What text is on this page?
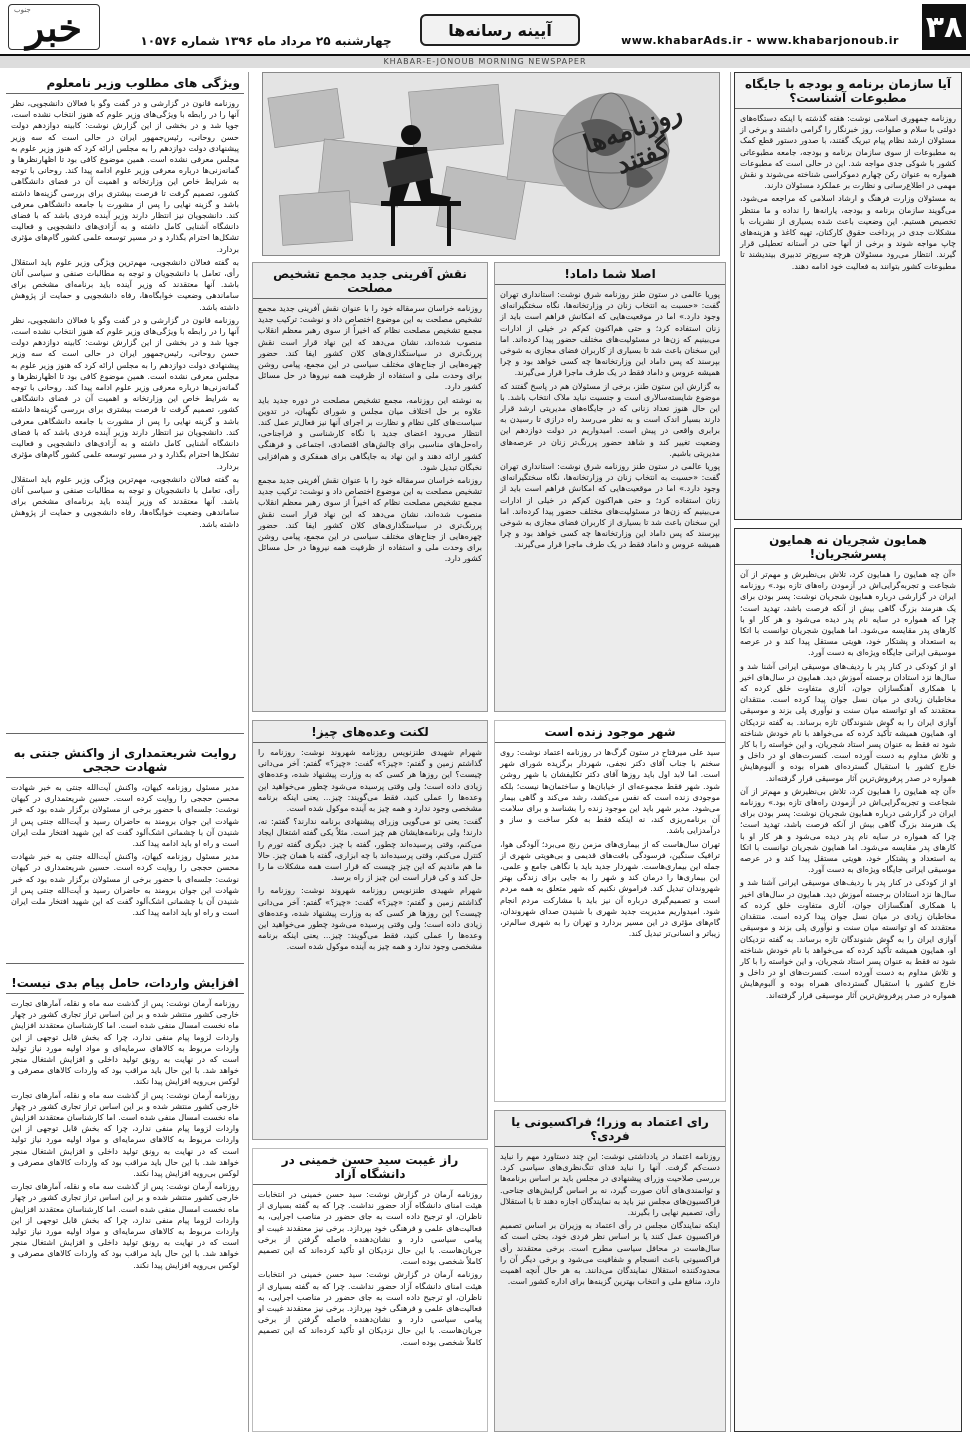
خبر
جنوب
چهارشنبه ۲۵ مرداد ماه ۱۳۹۶ شماره ۱۰۵۷۶
آیینه رسانه‌ها
www.khabarAds.ir - www.khabarjonoub.ir ۳۸
KHABAR-E-JONOUB MORNING NEWSPAPER
روزنامه‌ها گفتند
آیا سازمان برنامه و بودجه با جایگاه مطبوعات آشناست؟

روزنامه جمهوری اسلامی نوشت: هفته گذشته با اینکه دستگاه‌های دولتی با سلام و صلوات، روز خبرنگار را گرامی داشتند و برخی از مسئولان ارشد نظام پیام تبریک گفتند، با صدور دستور قطع کمک به مطبوعات از سوی سازمان برنامه و بودجه، جامعه مطبوعاتی کشور با شوکی جدی مواجه شد. این در حالی است که مطبوعات همواره به عنوان رکن چهارم دموکراسی شناخته می‌شوند و نقش مهمی در اطلاع‌رسانی و نظارت بر عملکرد مسئولان دارند.

به مسئولان وزارت فرهنگ و ارشاد اسلامی که مراجعه می‌شود، می‌گویند سازمان برنامه و بودجه، یارانه‌ها را نداده و ما منتظر تخصیص هستیم. این وضعیت باعث شده بسیاری از نشریات با مشکلات جدی در پرداخت حقوق کارکنان، تهیه کاغذ و هزینه‌های چاپ مواجه شوند و برخی از آنها حتی در آستانه تعطیلی قرار گیرند. انتظار می‌رود مسئولان هرچه سریع‌تر تدبیری بیندیشند تا مطبوعات کشور بتوانند به فعالیت خود ادامه دهند.

همایون شجریان نه همایون پسرشجریان!

«آن چه همایون را همایون کرد، تلاش بی‌نظیرش و مهم‌تر از آن شجاعت و تجربه‌گرایی‌اش در آزمودن راه‌های تازه بود.» روزنامه ایران در گزارشی درباره همایون شجریان نوشت: پسر بودن برای یک هنرمند بزرگ گاهی بیش از آنکه فرصت باشد، تهدید است؛ چرا که همواره در سایه نام پدر دیده می‌شود و هر کار او با کارهای پدر مقایسه می‌شود. اما همایون شجریان توانست با اتکا به استعداد و پشتکار خود، هویتی مستقل پیدا کند و در عرصه موسیقی ایرانی جایگاه ویژه‌ای به دست آورد.

او از کودکی در کنار پدر با ردیف‌های موسیقی ایرانی آشنا شد و سال‌ها نزد استادان برجسته آموزش دید. همایون در سال‌های اخیر با همکاری آهنگسازان جوان، آثاری متفاوت خلق کرده که مخاطبان زیادی در میان نسل جوان پیدا کرده است. منتقدان معتقدند که او توانسته میان سنت و نوآوری پلی بزند و موسیقی آوازی ایران را به گوش شنوندگان تازه برساند. به گفته نزدیکان او، همایون همیشه تأکید کرده که می‌خواهد با نام خودش شناخته شود نه فقط به عنوان پسر استاد شجریان، و این خواسته را با کار و تلاش مداوم به دست آورده است. کنسرت‌های او در داخل و خارج کشور با استقبال گسترده‌ای همراه بوده و آلبوم‌هایش همواره در صدر پرفروش‌ترین آثار موسیقی قرار گرفته‌اند.

«آن چه همایون را همایون کرد، تلاش بی‌نظیرش و مهم‌تر از آن شجاعت و تجربه‌گرایی‌اش در آزمودن راه‌های تازه بود.» روزنامه ایران در گزارشی درباره همایون شجریان نوشت: پسر بودن برای یک هنرمند بزرگ گاهی بیش از آنکه فرصت باشد، تهدید است؛ چرا که همواره در سایه نام پدر دیده می‌شود و هر کار او با کارهای پدر مقایسه می‌شود. اما همایون شجریان توانست با اتکا به استعداد و پشتکار خود، هویتی مستقل پیدا کند و در عرصه موسیقی ایرانی جایگاه ویژه‌ای به دست آورد.

او از کودکی در کنار پدر با ردیف‌های موسیقی ایرانی آشنا شد و سال‌ها نزد استادان برجسته آموزش دید. همایون در سال‌های اخیر با همکاری آهنگسازان جوان، آثاری متفاوت خلق کرده که مخاطبان زیادی در میان نسل جوان پیدا کرده است. منتقدان معتقدند که او توانسته میان سنت و نوآوری پلی بزند و موسیقی آوازی ایران را به گوش شنوندگان تازه برساند. به گفته نزدیکان او، همایون همیشه تأکید کرده که می‌خواهد با نام خودش شناخته شود نه فقط به عنوان پسر استاد شجریان، و این خواسته را با کار و تلاش مداوم به دست آورده است. کنسرت‌های او در داخل و خارج کشور با استقبال گسترده‌ای همراه بوده و آلبوم‌هایش همواره در صدر پرفروش‌ترین آثار موسیقی قرار گرفته‌اند.

اصلا شما داماد!

پوریا عالمی در ستون طنز روزنامه شرق نوشت: استانداری تهران گفت: «حسبت به انتخاب زنان در وزارتخانه‌ها، نگاه سختگیرانه‌ای وجود دارد.» اما در موقعیت‌هایی که امکانش فراهم است باید از زنان استفاده کرد؛ و حتی هم‌اکنون کم‌کم در خیلی از ادارات می‌بینیم که زن‌ها در مسئولیت‌های مختلف حضور پیدا کرده‌اند. اما این سخنان باعث شد تا بسیاری از کاربران فضای مجازی به شوخی بپرسند که پس داماد این وزارتخانه‌ها چه کسی خواهد بود و چرا همیشه عروس و داماد فقط در یک طرف ماجرا قرار می‌گیرند.

به گزارش این ستون طنز، برخی از مسئولان هم در پاسخ گفتند که موضوع شایسته‌سالاری است و جنسیت نباید ملاک انتخاب باشد. با این حال هنوز تعداد زنانی که در جایگاه‌های مدیریتی ارشد قرار دارند بسیار اندک است و به نظر می‌رسد راه درازی تا رسیدن به برابری واقعی در پیش است. امیدواریم در دولت دوازدهم این وضعیت تغییر کند و شاهد حضور پررنگ‌تر زنان در عرصه‌های مدیریتی باشیم.

پوریا عالمی در ستون طنز روزنامه شرق نوشت: استانداری تهران گفت: «حسبت به انتخاب زنان در وزارتخانه‌ها، نگاه سختگیرانه‌ای وجود دارد.» اما در موقعیت‌هایی که امکانش فراهم است باید از زنان استفاده کرد؛ و حتی هم‌اکنون کم‌کم در خیلی از ادارات می‌بینیم که زن‌ها در مسئولیت‌های مختلف حضور پیدا کرده‌اند. اما این سخنان باعث شد تا بسیاری از کاربران فضای مجازی به شوخی بپرسند که پس داماد این وزارتخانه‌ها چه کسی خواهد بود و چرا همیشه عروس و داماد فقط در یک طرف ماجرا قرار می‌گیرند.

نقش آفرینی جدید مجمع تشخیص مصلحت

روزنامه خراسان سرمقاله خود را با عنوان نقش آفرینی جدید مجمع تشخیص مصلحت به این موضوع اختصاص داد و نوشت: ترکیب جدید مجمع تشخیص مصلحت نظام که اخیراً از سوی رهبر معظم انقلاب منصوب شده‌اند، نشان می‌دهد که این نهاد قرار است نقش پررنگ‌تری در سیاستگذاری‌های کلان کشور ایفا کند. حضور چهره‌هایی از جناح‌های مختلف سیاسی در این مجمع، پیامی روشن برای وحدت ملی و استفاده از ظرفیت همه نیروها در حل مسائل کشور دارد.

به نوشته این روزنامه، مجمع تشخیص مصلحت در دوره جدید باید علاوه بر حل اختلاف میان مجلس و شورای نگهبان، در تدوین سیاست‌های کلی نظام و نظارت بر اجرای آنها نیز فعال‌تر عمل کند. انتظار می‌رود اعضای جدید با نگاه کارشناسی و فراجناحی، راه‌حل‌های مناسبی برای چالش‌های اقتصادی، اجتماعی و فرهنگی کشور ارائه دهند و این نهاد به جایگاهی برای همفکری و هم‌افزایی نخبگان تبدیل شود.

روزنامه خراسان سرمقاله خود را با عنوان نقش آفرینی جدید مجمع تشخیص مصلحت به این موضوع اختصاص داد و نوشت: ترکیب جدید مجمع تشخیص مصلحت نظام که اخیراً از سوی رهبر معظم انقلاب منصوب شده‌اند، نشان می‌دهد که این نهاد قرار است نقش پررنگ‌تری در سیاستگذاری‌های کلان کشور ایفا کند. حضور چهره‌هایی از جناح‌های مختلف سیاسی در این مجمع، پیامی روشن برای وحدت ملی و استفاده از ظرفیت همه نیروها در حل مسائل کشور دارد.

شهر موجود زنده است

سید علی میرفتاح در ستون گرگ‌ها در روزنامه اعتماد نوشت: روی سخنم با جناب آقای دکتر نجفی، شهردار برگزیده شورای شهر است. اما لابد اول باید روزها آقای دکتر تکلیفشان با شهر روشن شود. شهر فقط مجموعه‌ای از خیابان‌ها و ساختمان‌ها نیست؛ بلکه موجودی زنده است که نفس می‌کشد، رشد می‌کند و گاهی بیمار می‌شود. مدیر شهر باید این موجود زنده را بشناسد و برای سلامت آن برنامه‌ریزی کند، نه اینکه فقط به فکر ساخت و ساز و درآمدزایی باشد.

تهران سال‌هاست که از بیماری‌های مزمن رنج می‌برد؛ آلودگی هوا، ترافیک سنگین، فرسودگی بافت‌های قدیمی و بی‌هویتی شهری از جمله این بیماری‌هاست. شهردار جدید باید با نگاهی جامع و علمی، این بیماری‌ها را درمان کند و شهر را به جایی برای زندگی بهتر شهروندان تبدیل کند. فراموش نکنیم که شهر متعلق به همه مردم است و تصمیم‌گیری درباره آن نیز باید با مشارکت مردم انجام شود. امیدواریم مدیریت جدید شهری با شنیدن صدای شهروندان، گام‌های مؤثری در این مسیر بردارد و تهران را به شهری سالم‌تر، زیباتر و انسانی‌تر تبدیل کند.

لکنت وعده‌های چیز!

شهرام شهیدی طنزنویس روزنامه شهروند نوشت: روزنامه را گذاشتم زمین و گفتم: «چیز؟» گفت: «چیز؟» گفتم: آخر می‌دانی چیست؟ این روزها هر کسی که به وزارت پیشنهاد شده، وعده‌های زیادی داده است؛ ولی وقتی پرسیده می‌شود چطور می‌خواهید این وعده‌ها را عملی کنید، فقط می‌گویند: چیز... یعنی اینکه برنامه مشخصی وجود ندارد و همه چیز به آینده موکول شده است.

گفت: یعنی تو می‌گویی وزرای پیشنهادی برنامه ندارند؟ گفتم: نه، دارند! ولی برنامه‌هایشان هم چیز است. مثلاً یکی گفته اشتغال ایجاد می‌کنم، وقتی پرسیده‌اند چطور، گفته با چیز. دیگری گفته تورم را کنترل می‌کنم، وقتی پرسیده‌اند با چه ابزاری، گفته با همان چیز. حالا ما هم ماندیم که این چیز چیست که قرار است همه مشکلات ما را حل کند و کی قرار است این چیز از راه برسد.

شهرام شهیدی طنزنویس روزنامه شهروند نوشت: روزنامه را گذاشتم زمین و گفتم: «چیز؟» گفت: «چیز؟» گفتم: آخر می‌دانی چیست؟ این روزها هر کسی که به وزارت پیشنهاد شده، وعده‌های زیادی داده است؛ ولی وقتی پرسیده می‌شود چطور می‌خواهید این وعده‌ها را عملی کنید، فقط می‌گویند: چیز... یعنی اینکه برنامه مشخصی وجود ندارد و همه چیز به آینده موکول شده است.

رای اعتماد به وزرا؛ فراکسیونی یا فردی؟

روزنامه اعتماد در یادداشتی نوشت: این چند دستاورد مهم را نباید دست‌کم گرفت. آنها را نباید فدای تنگ‌نظری‌های سیاسی کرد. بررسی صلاحیت وزرای پیشنهادی در مجلس باید بر اساس برنامه‌ها و توانمندی‌های آنان صورت گیرد، نه بر اساس گرایش‌های جناحی. فراکسیون‌های مجلس نیز باید به نمایندگان اجازه دهند تا با استقلال رأی، تصمیم نهایی را بگیرند.

اینکه نمایندگان مجلس در رأی اعتماد به وزیران بر اساس تصمیم فراکسیون عمل کنند یا بر اساس نظر فردی خود، بحثی است که سال‌هاست در محافل سیاسی مطرح است. برخی معتقدند رأی فراکسیونی باعث انسجام و شفافیت می‌شود و برخی دیگر آن را محدودکننده استقلال نمایندگان می‌دانند. به هر حال آنچه اهمیت دارد، منافع ملی و انتخاب بهترین گزینه‌ها برای اداره کشور است.

راز غیبت سید حسن خمینی در دانشگاه آزاد

روزنامه آرمان در گزارش نوشت: سید حسن خمینی در انتخابات هیئت امنای دانشگاه آزاد حضور نداشت. چرا که به گفته بسیاری از ناظران، او ترجیح داده است به جای حضور در مناصب اجرایی، به فعالیت‌های علمی و فرهنگی خود بپردازد. برخی نیز معتقدند غیبت او پیامی سیاسی دارد و نشان‌دهنده فاصله گرفتن از برخی جریان‌هاست. با این حال نزدیکان او تأکید کرده‌اند که این تصمیم کاملاً شخصی بوده است.

روزنامه آرمان در گزارش نوشت: سید حسن خمینی در انتخابات هیئت امنای دانشگاه آزاد حضور نداشت. چرا که به گفته بسیاری از ناظران، او ترجیح داده است به جای حضور در مناصب اجرایی، به فعالیت‌های علمی و فرهنگی خود بپردازد. برخی نیز معتقدند غیبت او پیامی سیاسی دارد و نشان‌دهنده فاصله گرفتن از برخی جریان‌هاست. با این حال نزدیکان او تأکید کرده‌اند که این تصمیم کاملاً شخصی بوده است.

ویژگی های مطلوب وزیر نامعلوم

روزنامه قانون در گزارشی و در گفت وگو با فعالان دانشجویی، نظر آنها را در رابطه با ویژگی‌های وزیر علوم که هنوز انتخاب نشده است، جویا شد و در بخشی از این گزارش نوشت: کابینه دوازدهم دولت حسن روحانی، رئیس‌جمهور ایران در حالی است که سه وزیر پیشنهادی دولت دوازدهم را به مجلس ارائه کرد که هنوز وزیر علوم به مجلس معرفی نشده است. همین موضوع کافی بود تا اظهارنظرها و گمانه‌زنی‌ها درباره معرفی وزیر علوم ادامه پیدا کند. روحانی با توجه به شرایط خاص این وزارتخانه و اهمیت آن در فضای دانشگاهی کشور، تصمیم گرفت تا فرصت بیشتری برای بررسی گزینه‌ها داشته باشد و گزینه نهایی را پس از مشورت با جامعه دانشگاهی معرفی کند. دانشجویان نیز انتظار دارند وزیر آینده فردی باشد که با فضای دانشگاه آشنایی کامل داشته و به آزادی‌های دانشجویی و فعالیت تشکل‌ها احترام بگذارد و در مسیر توسعه علمی کشور گام‌های مؤثری بردارد.

به گفته فعالان دانشجویی، مهم‌ترین ویژگی وزیر علوم باید استقلال رأی، تعامل با دانشجویان و توجه به مطالبات صنفی و سیاسی آنان باشد. آنها معتقدند که وزیر آینده باید برنامه‌ای مشخص برای ساماندهی وضعیت خوابگاه‌ها، رفاه دانشجویی و حمایت از پژوهش داشته باشد.

روزنامه قانون در گزارشی و در گفت وگو با فعالان دانشجویی، نظر آنها را در رابطه با ویژگی‌های وزیر علوم که هنوز انتخاب نشده است، جویا شد و در بخشی از این گزارش نوشت: کابینه دوازدهم دولت حسن روحانی، رئیس‌جمهور ایران در حالی است که سه وزیر پیشنهادی دولت دوازدهم را به مجلس ارائه کرد که هنوز وزیر علوم به مجلس معرفی نشده است. همین موضوع کافی بود تا اظهارنظرها و گمانه‌زنی‌ها درباره معرفی وزیر علوم ادامه پیدا کند. روحانی با توجه به شرایط خاص این وزارتخانه و اهمیت آن در فضای دانشگاهی کشور، تصمیم گرفت تا فرصت بیشتری برای بررسی گزینه‌ها داشته باشد و گزینه نهایی را پس از مشورت با جامعه دانشگاهی معرفی کند. دانشجویان نیز انتظار دارند وزیر آینده فردی باشد که با فضای دانشگاه آشنایی کامل داشته و به آزادی‌های دانشجویی و فعالیت تشکل‌ها احترام بگذارد و در مسیر توسعه علمی کشور گام‌های مؤثری بردارد.

به گفته فعالان دانشجویی، مهم‌ترین ویژگی وزیر علوم باید استقلال رأی، تعامل با دانشجویان و توجه به مطالبات صنفی و سیاسی آنان باشد. آنها معتقدند که وزیر آینده باید برنامه‌ای مشخص برای ساماندهی وضعیت خوابگاه‌ها، رفاه دانشجویی و حمایت از پژوهش داشته باشد.

روایت شریعتمداری از واکنش جنتی به شهادت حججی

مدیر مسئول روزنامه کیهان، واکنش آیت‌الله جنتی به خبر شهادت محسن حججی را روایت کرده است. حسین شریعتمداری در کیهان نوشت: جلسه‌ای با حضور برخی از مسئولان برگزار شده بود که خبر شهادت این جوان برومند به حاضران رسید و آیت‌الله جنتی پس از شنیدن آن با چشمانی اشک‌آلود گفت که این شهید افتخار ملت ایران است و راه او باید ادامه پیدا کند.

مدیر مسئول روزنامه کیهان، واکنش آیت‌الله جنتی به خبر شهادت محسن حججی را روایت کرده است. حسین شریعتمداری در کیهان نوشت: جلسه‌ای با حضور برخی از مسئولان برگزار شده بود که خبر شهادت این جوان برومند به حاضران رسید و آیت‌الله جنتی پس از شنیدن آن با چشمانی اشک‌آلود گفت که این شهید افتخار ملت ایران است و راه او باید ادامه پیدا کند.

افزایش واردات، حامل پیام بدی نیست!

روزنامه آرمان نوشت: پس از گذشت سه ماه و نقله، آمارهای تجارت خارجی کشور منتشر شده و بر این اساس تراز تجاری کشور در چهار ماه نخست امسال منفی شده است. اما کارشناسان معتقدند افزایش واردات لزوما پیام منفی ندارد، چرا که بخش قابل توجهی از این واردات مربوط به کالاهای سرمایه‌ای و مواد اولیه مورد نیاز تولید است که در نهایت به رونق تولید داخلی و افزایش اشتغال منجر خواهد شد. با این حال باید مراقب بود که واردات کالاهای مصرفی و لوکس بی‌رویه افزایش پیدا نکند.

روزنامه آرمان نوشت: پس از گذشت سه ماه و نقله، آمارهای تجارت خارجی کشور منتشر شده و بر این اساس تراز تجاری کشور در چهار ماه نخست امسال منفی شده است. اما کارشناسان معتقدند افزایش واردات لزوما پیام منفی ندارد، چرا که بخش قابل توجهی از این واردات مربوط به کالاهای سرمایه‌ای و مواد اولیه مورد نیاز تولید است که در نهایت به رونق تولید داخلی و افزایش اشتغال منجر خواهد شد. با این حال باید مراقب بود که واردات کالاهای مصرفی و لوکس بی‌رویه افزایش پیدا نکند.

روزنامه آرمان نوشت: پس از گذشت سه ماه و نقله، آمارهای تجارت خارجی کشور منتشر شده و بر این اساس تراز تجاری کشور در چهار ماه نخست امسال منفی شده است. اما کارشناسان معتقدند افزایش واردات لزوما پیام منفی ندارد، چرا که بخش قابل توجهی از این واردات مربوط به کالاهای سرمایه‌ای و مواد اولیه مورد نیاز تولید است که در نهایت به رونق تولید داخلی و افزایش اشتغال منجر خواهد شد. با این حال باید مراقب بود که واردات کالاهای مصرفی و لوکس بی‌رویه افزایش پیدا نکند.
